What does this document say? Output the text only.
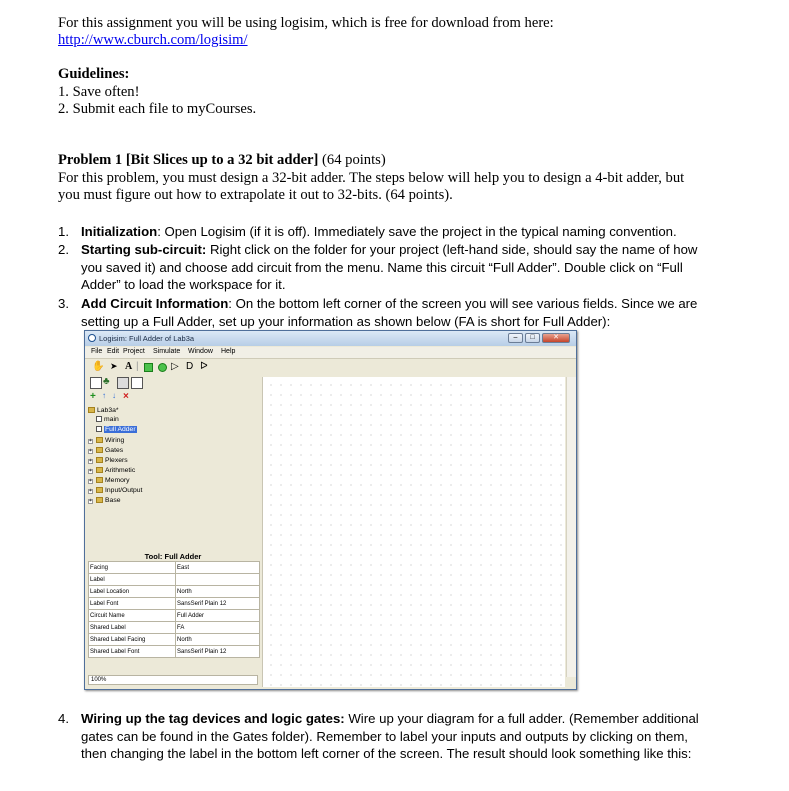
For this assignment you will be using logisim, which is free for download from here:
http://www.cburch.com/logisim/
Guidelines:
1. Save often!
2. Submit each file to myCourses.
Problem 1 [Bit Slices up to a 32 bit adder] (64 points)
For this problem, you must design a 32-bit adder. The steps below will help you to design a 4-bit adder, but
you must figure out how to extrapolate it out to 32-bits. (64 points).
1. Initialization: Open Logisim (if it is off). Immediately save the project in the typical naming convention.
2. Starting sub-circuit: Right click on the folder for your project (left-hand side, should say the name of how
you saved it) and choose add circuit from the menu. Name this circuit “Full Adder”. Double click on “Full
Adder” to load the workspace for it.
3. Add Circuit Information: On the bottom left corner of the screen you will see various fields. Since we are
setting up a Full Adder, set up your information as shown below (FA is short for Full Adder):
Logisim: Full Adder of Lab3a	–	□	✕
File Edit Project Simulate Window Help
✋ ➤ A |	▷ D ᐅ
♣
+ ↑ ↓ ×
Lab3a*
main
Full Adder
+ Wiring
+ Gates
+ Plexers
+ Arithmetic
+ Memory
+ Input/Output
+ Base
Tool: Full Adder
Facing	East
Label	
Label Location	North
Label Font	SansSerif Plain 12
Circuit Name	Full Adder
Shared Label	FA
Shared Label Facing	North
Shared Label Font	SansSerif Plain 12
100%
4. Wiring up the tag devices and logic gates: Wire up your diagram for a full adder. (Remember additional
gates can be found in the Gates folder). Remember to label your inputs and outputs by clicking on them,
then changing the label in the bottom left corner of the screen. The result should look something like this:
